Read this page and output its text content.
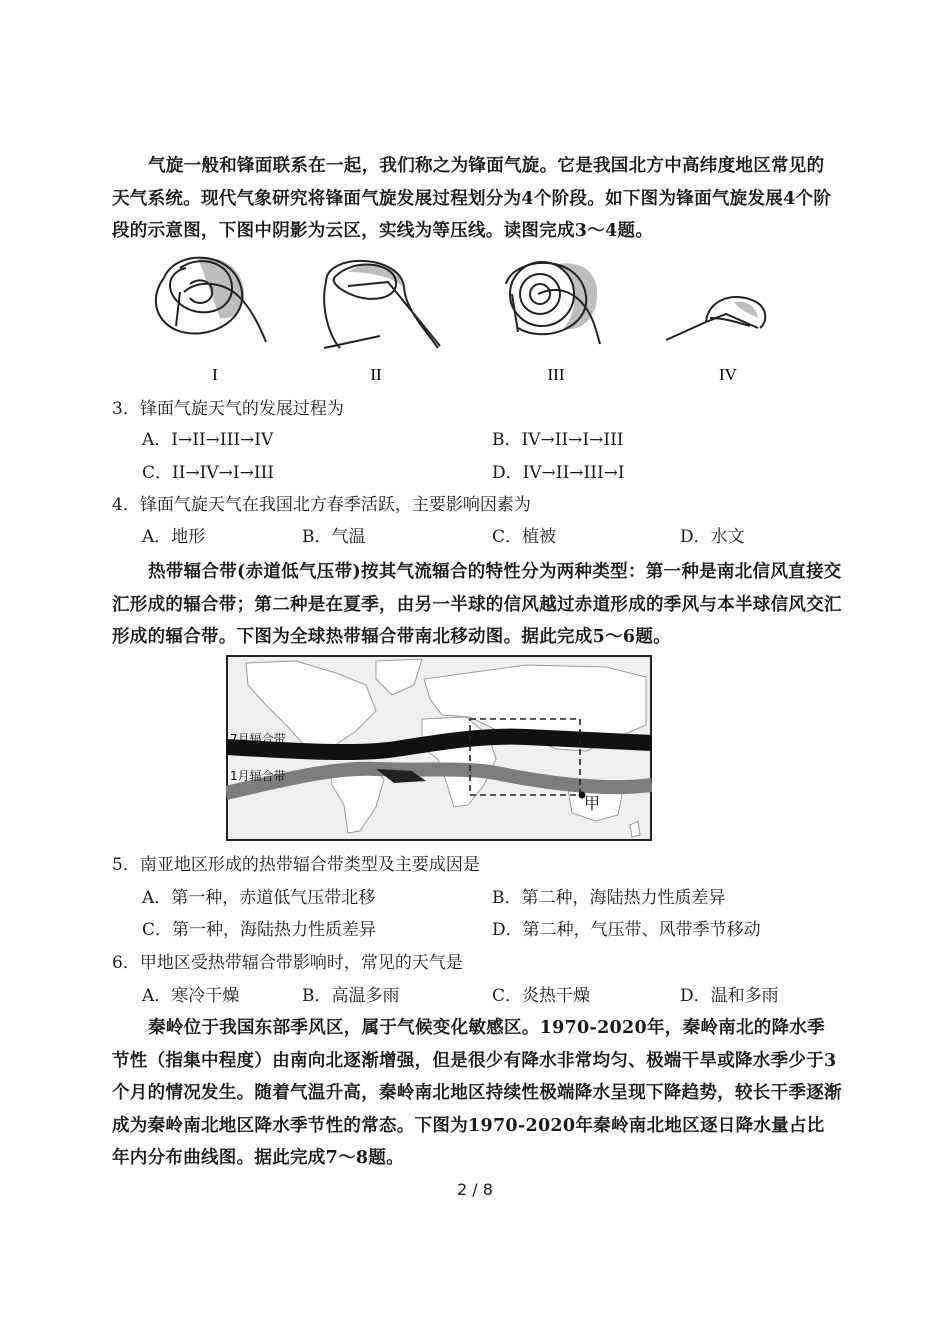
气旋一般和锋面联系在一起，我们称之为锋面气旋。它是我国北方中高纬度地区常见的天气系统。现代气象研究将锋面气旋发展过程划分为4个阶段。如下图为锋面气旋发展4个阶段的示意图，下图中阴影为云区，实线为等压线。读图完成3～4题。

I	II	III	IV

3．锋面气旋天气的发展过程为

A．I→II→III→IV	B．IV→II→I→III

C．II→IV→I→III	D．IV→II→III→I

4．锋面气旋天气在我国北方春季活跃，主要影响因素为

A．地形	B．气温	C．植被	D．水文

热带辐合带(赤道低气压带)按其气流辐合的特性分为两种类型：第一种是南北信风直接交汇形成的辐合带；第二种是在夏季，由另一半球的信风越过赤道形成的季风与本半球信风交汇形成的辐合带。下图为全球热带辐合带南北移动图。据此完成5～6题。

7月辐合带
1月辐合带
甲

5．南亚地区形成的热带辐合带类型及主要成因是

A．第一种，赤道低气压带北移	B．第二种，海陆热力性质差异

C．第一种，海陆热力性质差异	D．第二种，气压带、风带季节移动

6．甲地区受热带辐合带影响时，常见的天气是

A．寒冷干燥	B．高温多雨	C．炎热干燥	D．温和多雨

秦岭位于我国东部季风区，属于气候变化敏感区。1970-2020年，秦岭南北的降水季节性（指集中程度）由南向北逐渐增强，但是很少有降水非常均匀、极端干旱或降水季少于3个月的情况发生。随着气温升高，秦岭南北地区持续性极端降水呈现下降趋势，较长干季逐渐成为秦岭南北地区降水季节性的常态。下图为1970-2020年秦岭南北地区逐日降水量占比年内分布曲线图。据此完成7～8题。

2 / 8
